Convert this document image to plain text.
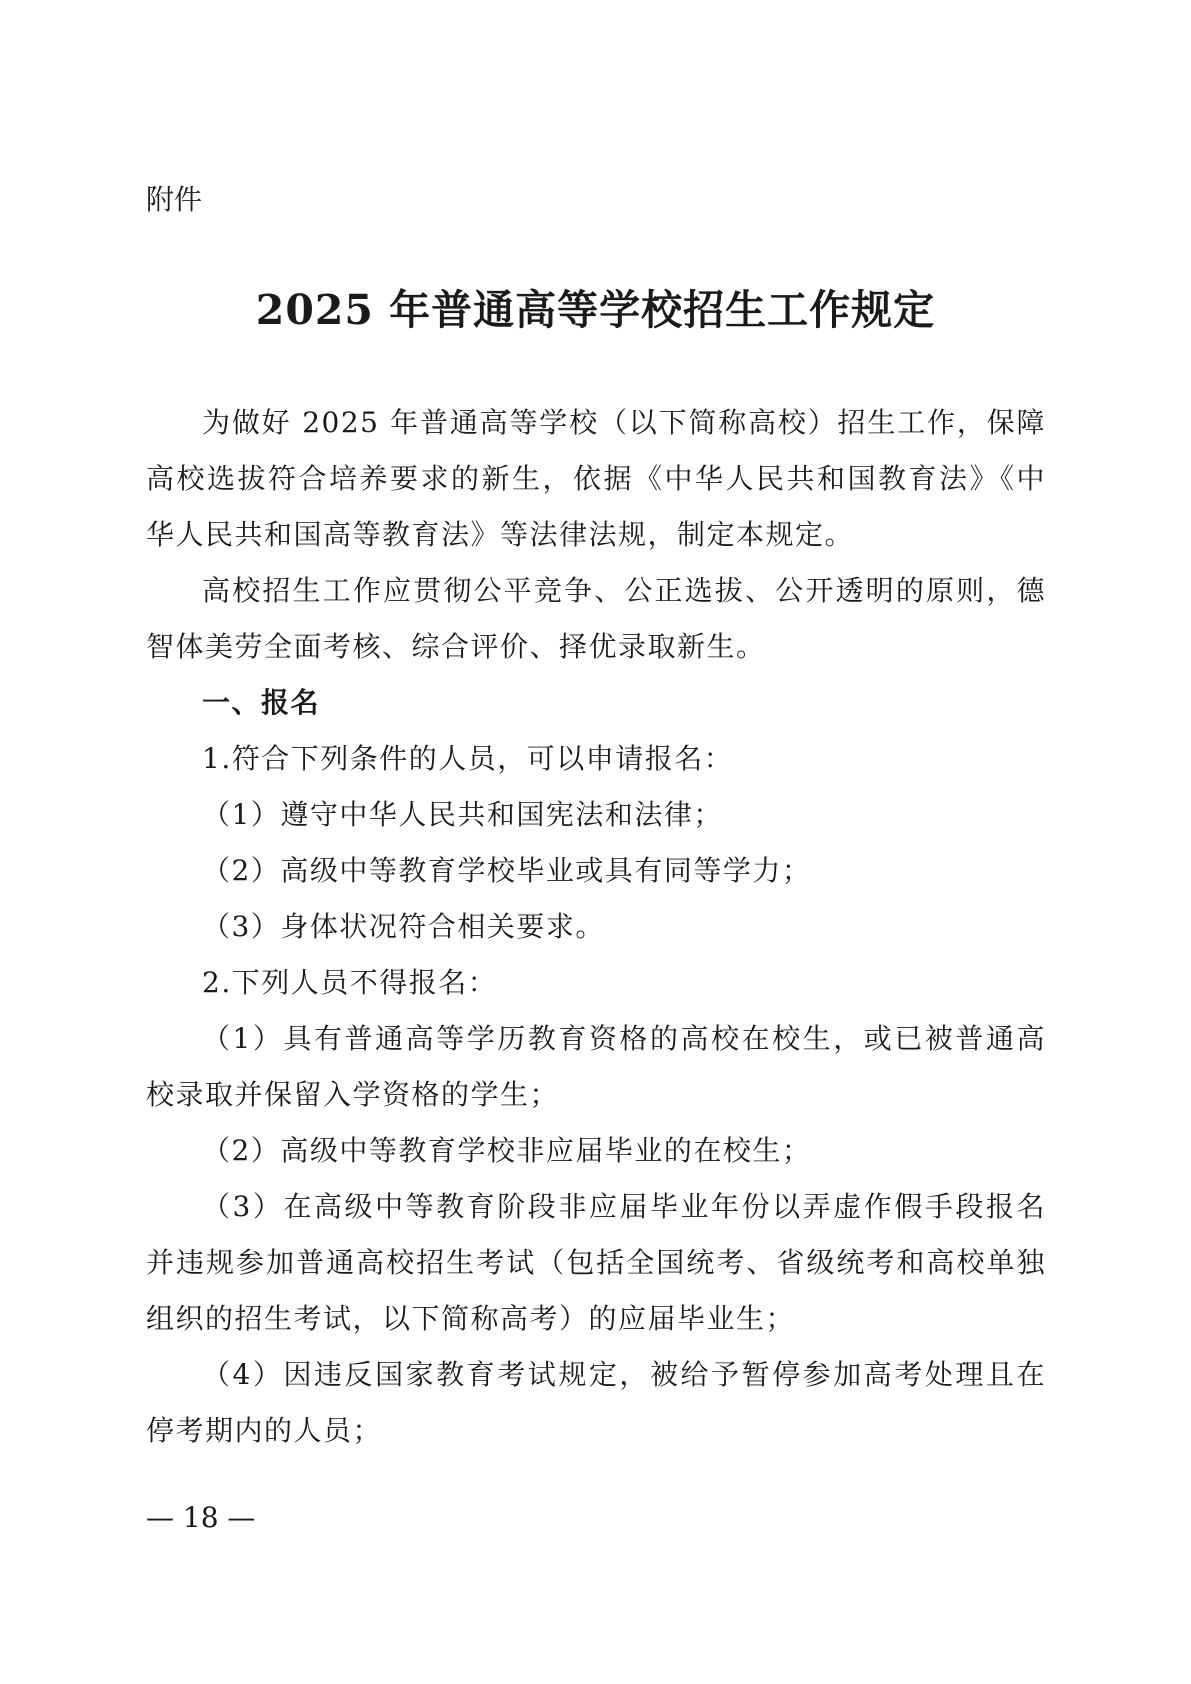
附件

2025 年普通高等学校招生工作规定

为做好 2025 年普通高等学校（以下简称高校）招生工作，保障高校选拔符合培养要求的新生，依据《中华人民共和国教育法》《中华人民共和国高等教育法》等法律法规，制定本规定。

高校招生工作应贯彻公平竞争、公正选拔、公开透明的原则，德智体美劳全面考核、综合评价、择优录取新生。

一、报名

1.符合下列条件的人员，可以申请报名：

（1）遵守中华人民共和国宪法和法律；

（2）高级中等教育学校毕业或具有同等学力；

（3）身体状况符合相关要求。

2.下列人员不得报名：

（1）具有普通高等学历教育资格的高校在校生，或已被普通高校录取并保留入学资格的学生；

（2）高级中等教育学校非应届毕业的在校生；

（3）在高级中等教育阶段非应届毕业年份以弄虚作假手段报名并违规参加普通高校招生考试（包括全国统考、省级统考和高校单独组织的招生考试，以下简称高考）的应届毕业生；

（4）因违反国家教育考试规定，被给予暂停参加高考处理且在停考期内的人员；

— 18 —
